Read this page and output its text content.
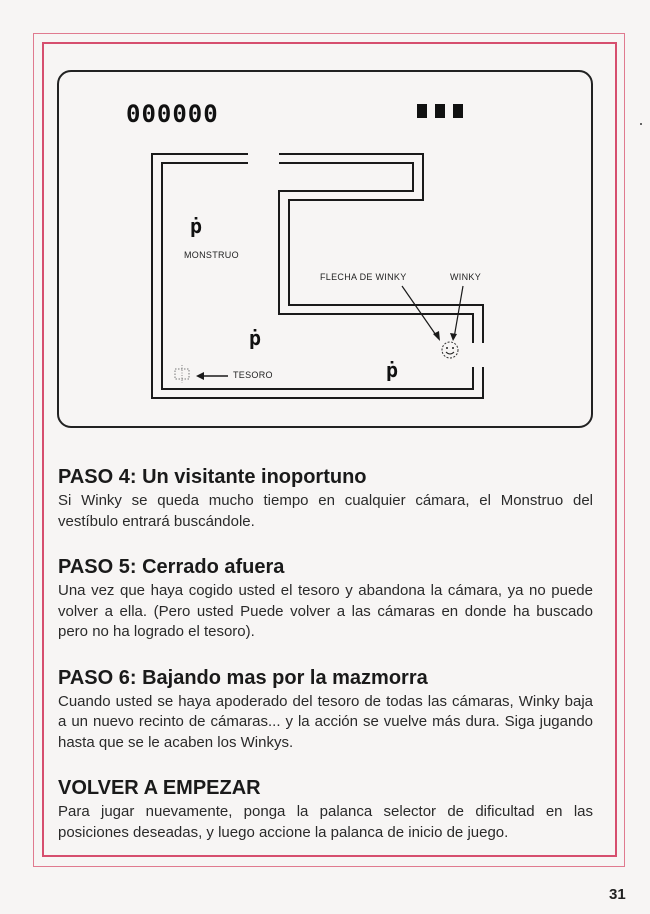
000000
ṗ
ṗ
ṗ
MONSTRUO
FLECHA DE WINKY	WINKY
TESORO
PASO 4: Un visitante inoportuno

Si Winky se queda mucho tiempo en cualquier cámara, el Monstruo del vestíbulo entrará buscándole.

PASO 5: Cerrado afuera

Una vez que haya cogido usted el tesoro y abandona la cámara, ya no puede volver a ella. (Pero usted Puede volver a las cámaras en donde ha buscado pero no ha logrado el tesoro).

PASO 6: Bajando mas por la mazmorra

Cuando usted se haya apoderado del tesoro de todas las cámaras, Winky baja a un nuevo recinto de cámaras... y la acción se vuelve más dura. Siga jugando hasta que se le acaben los Winkys.

VOLVER A EMPEZAR

Para jugar nuevamente, ponga la palanca selector de dificultad en las posiciones deseadas, y luego accione la palanca de inicio de juego.

31
